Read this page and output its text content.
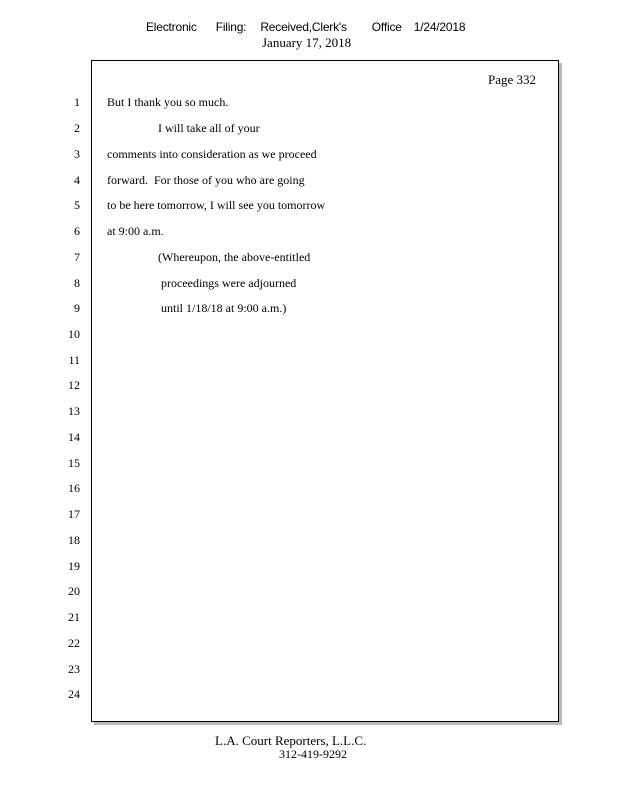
Electronic Filing: Received,Clerk's Office 1/24/2018
January 17, 2018
Page 332
1
2
3
4
5
6
7
8
9
10
11
12
13
14
15
16
17
18
19
20
21
22
23
24
But I thank you so much.
I will take all of your
comments into consideration as we proceed
forward.  For those of you who are going
to be here tomorrow, I will see you tomorrow
at 9:00 a.m.
(Whereupon, the above-entitled
proceedings were adjourned
until 1/18/18 at 9:00 a.m.)
L.A. Court Reporters, L.L.C.
312-419-9292
